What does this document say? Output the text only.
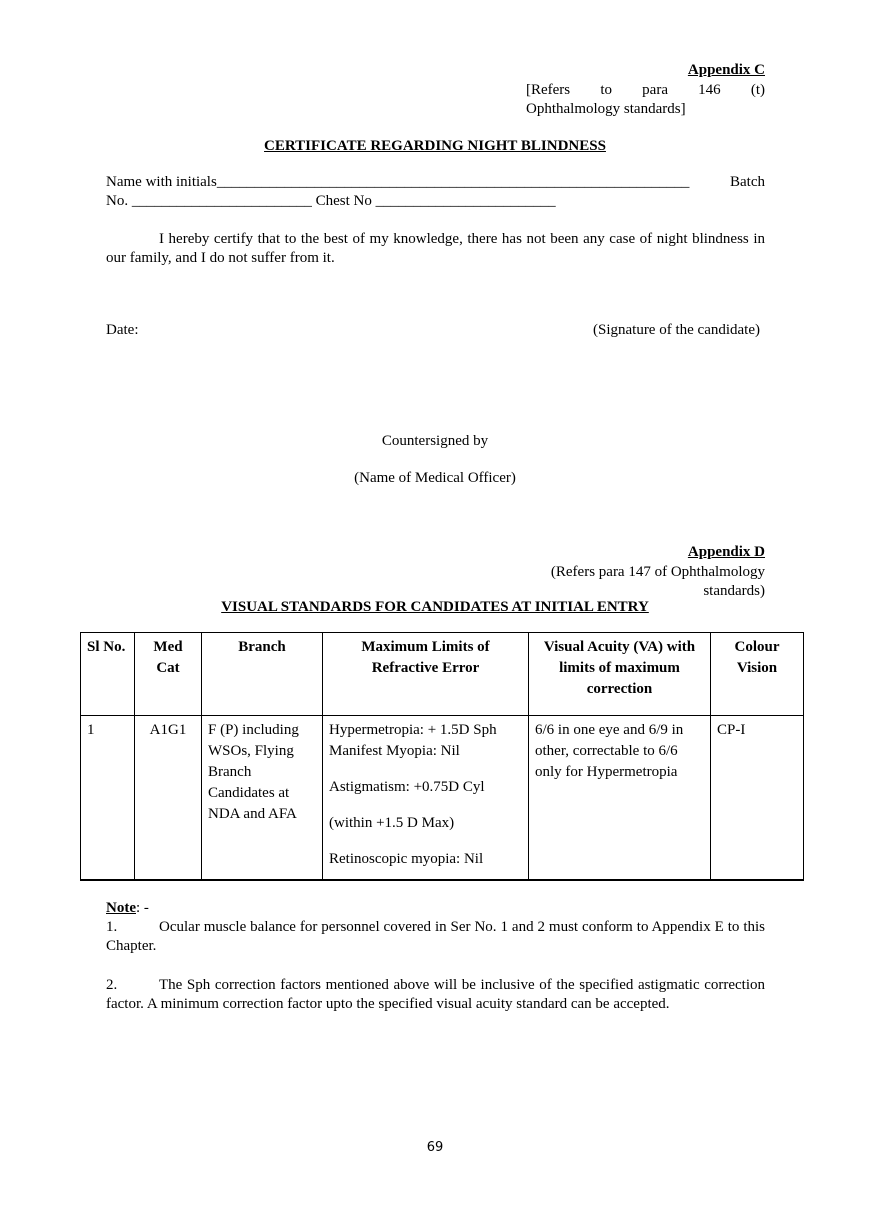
Appendix C
[Refers to para 146 (t)
Ophthalmology standards]
CERTIFICATE REGARDING NIGHT BLINDNESS
Name with initials_______________________________________________________________	Batch
No. ________________________ Chest No ________________________
I hereby certify that to the best of my knowledge, there has not been any case of night blindness in our family, and I do not suffer from it.
Date:	(Signature of the candidate)
Countersigned by
(Name of Medical Officer)
Appendix D
(Refers para 147 of Ophthalmology standards)
VISUAL STANDARDS FOR CANDIDATES AT INITIAL ENTRY
Sl No.	Med Cat	Branch	Maximum Limits of Refractive Error	Visual Acuity (VA) with limits of maximum correction	Colour Vision
1	A1G1	F (P) including WSOs, Flying Branch Candidates at NDA and AFA	Hypermetropia: + 1.5D Sph
Manifest Myopia: Nil
Astigmatism: +0.75D Cyl
(within +1.5 D Max)
Retinoscopic myopia: Nil	6/6 in one eye and 6/9 in other, correctable to 6/6 only for Hypermetropia	CP-I
Note: -
1.	Ocular muscle balance for personnel covered in Ser No. 1 and 2 must conform to Appendix E to this Chapter.
2.	The Sph correction factors mentioned above will be inclusive of the specified astigmatic correction factor. A minimum correction factor upto the specified visual acuity standard can be accepted.
69
